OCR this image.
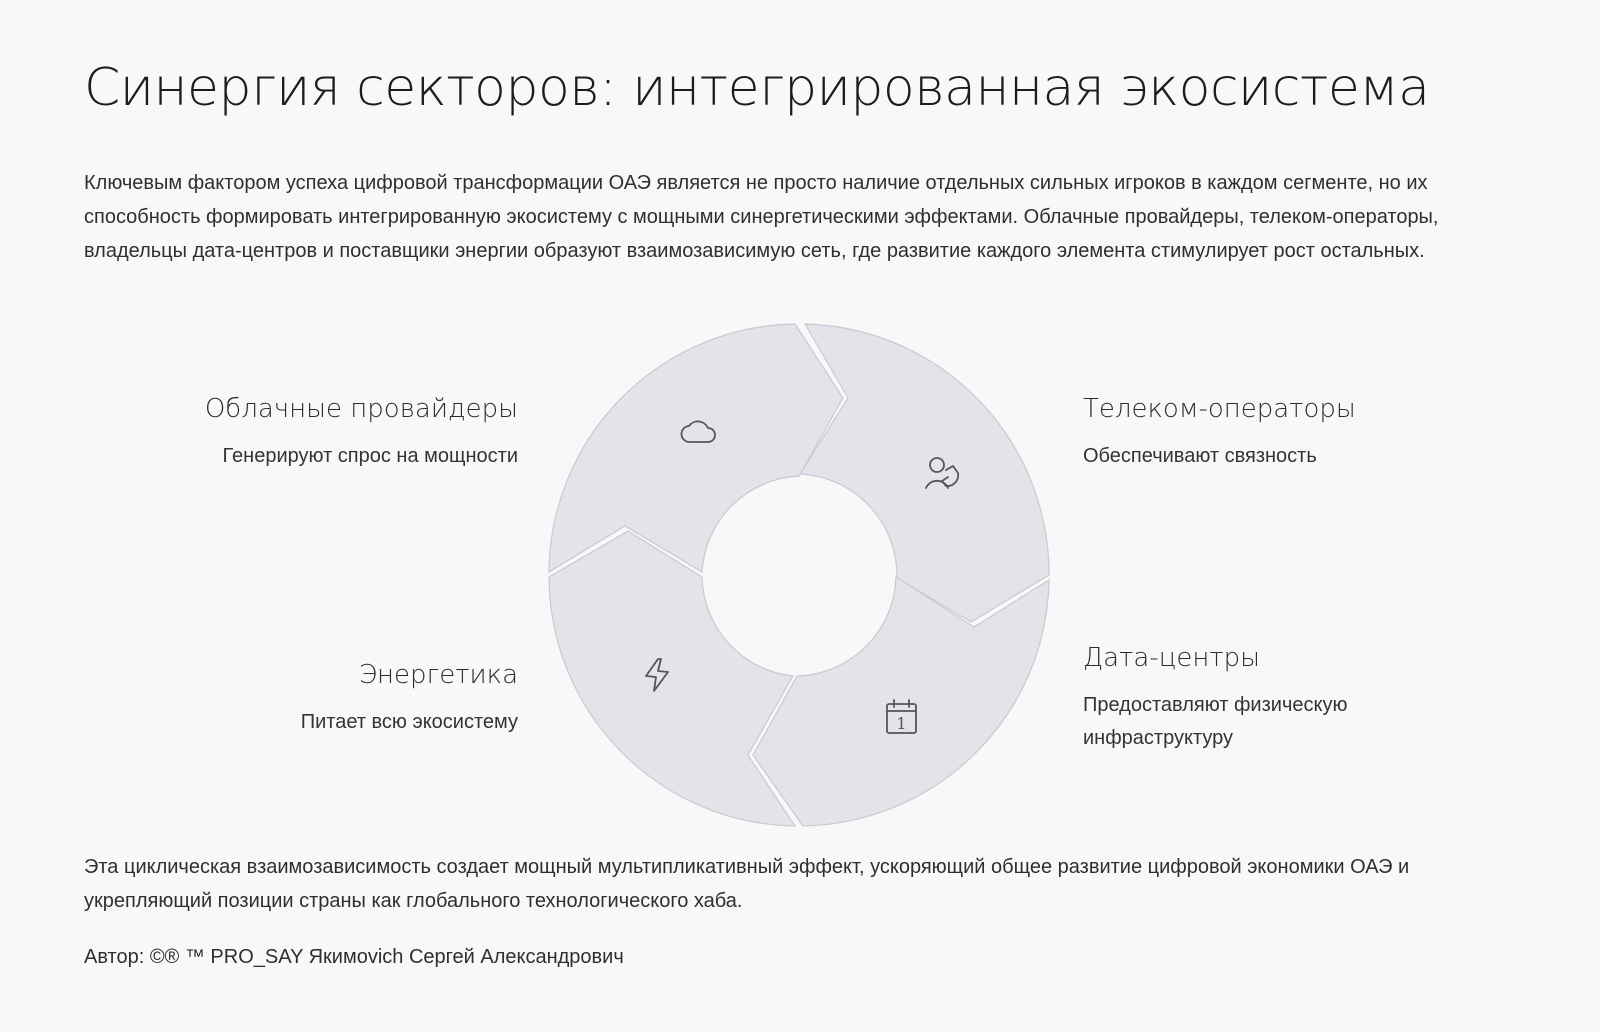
Синергия секторов: интегрированная экосистема

Ключевым фактором успеха цифровой трансформации ОАЭ является не просто наличие отдельных сильных игроков в каждом сегменте, но их способность формировать интегрированную экосистему с мощными синергетическими эффектами. Облачные провайдеры, телеком-операторы, владельцы дата-центров и поставщики энергии образуют взаимозависимую сеть, где развитие каждого элемента стимулирует рост остальных.

1
Облачные провайдеры

Генерируют спрос на мощности

Телеком-операторы

Обеспечивают связность

Дата-центры

Предоставляют физическую инфраструктуру

Энергетика

Питает всю экосистему

Эта циклическая взаимозависимость создает мощный мультипликативный эффект, ускоряющий общее развитие цифровой экономики ОАЭ и укрепляющий позиции страны как глобального технологического хаба.

Автор: ©® ™ PRO_SAY Якимovich Сергей Александрович
